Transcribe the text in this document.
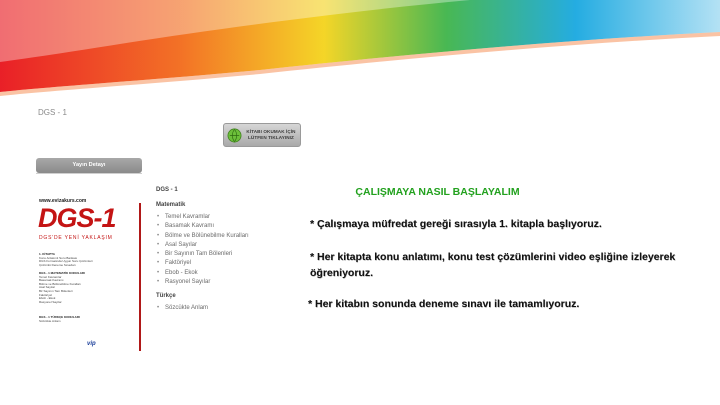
DGS - 1
KİTABI OKUMAK İÇİN
LÜTFEN TIKLAYINIZ
Yayın Detayı
www.evizakurs.com
DGS-1
DGS'DE YENİ YAKLAŞIM
1. KİTAPTA
Konu Anlatımlı Soru Bankası
DGS Formatında Uygun Soru Çözümleri
Çözümlü Deneme Sınavları
DGS - 1 MATEMATİK KONULARI
Temel Kavramlar
Basamak Kavramı
Bölme ve Bölünebilme Kuralları
Asal Sayılar
Bir Sayının Tam Bölenleri
Faktöriyel
Ebob - Ekok
Rasyonel Sayılar
DGS - 1 TÜRKÇE KONULARI
Sözcükte Anlam
vip
DGS - 1
Matematik
• Temel Kavramlar
• Basamak Kavramı
• Bölme ve Bölünebilme Kuralları
• Asal Sayılar
• Bir Sayının Tam Bölenleri
• Faktöriyel
• Ebob - Ekok
• Rasyonel Sayılar
Türkçe
• Sözcükte Anlam
ÇALIŞMAYA NASIL BAŞLAYALIM
* Çalışmaya müfredat gereği sırasıyla 1. kitapla başlıyoruz.
* Her kitapta konu anlatımı, konu test çözümlerini video eşliğine izleyerek öğreniyoruz.
* Her kitabın sonunda deneme sınavı ile tamamlıyoruz.
